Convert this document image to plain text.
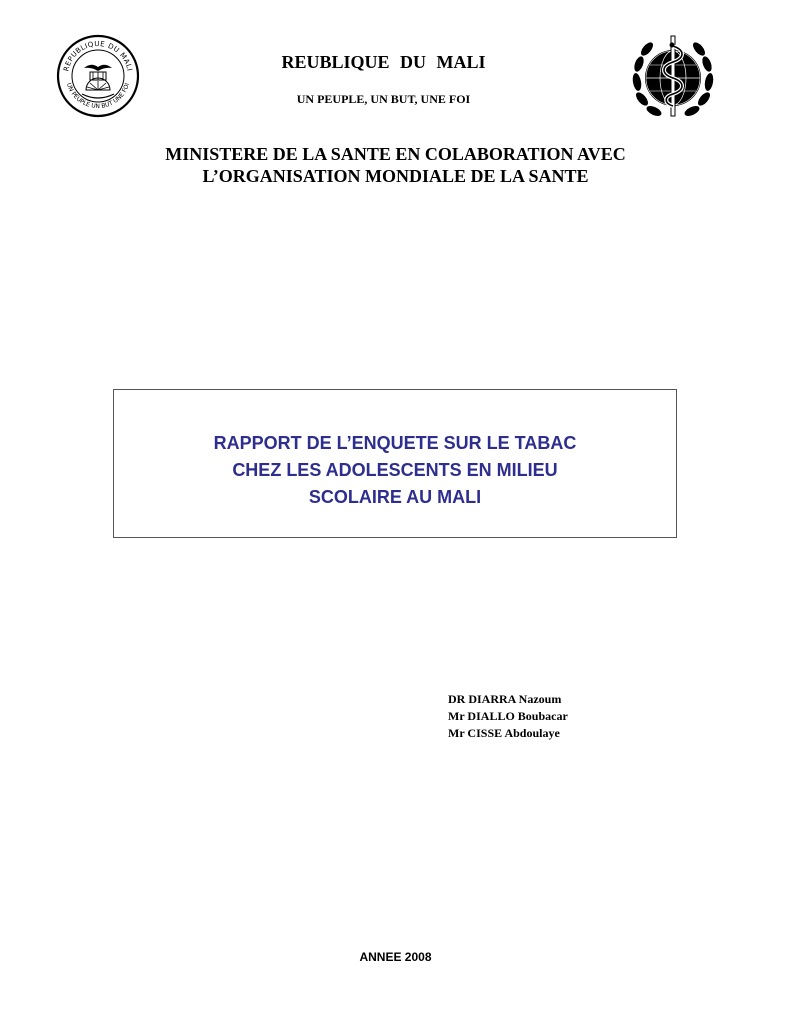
REPUBLIQUE DU MALI
UN PEUPLE UN BUT UNE FOI
REUBLIQUE DU MALI
UN PEUPLE, UN BUT, UNE FOI
MINISTERE DE LA SANTE EN COLABORATION AVEC
L’ORGANISATION MONDIALE DE LA SANTE
RAPPORT DE L’ENQUETE SUR LE TABAC
CHEZ LES ADOLESCENTS EN MILIEU
SCOLAIRE AU MALI
DR DIARRA Nazoum
Mr DIALLO Boubacar
Mr CISSE Abdoulaye
ANNEE 2008
